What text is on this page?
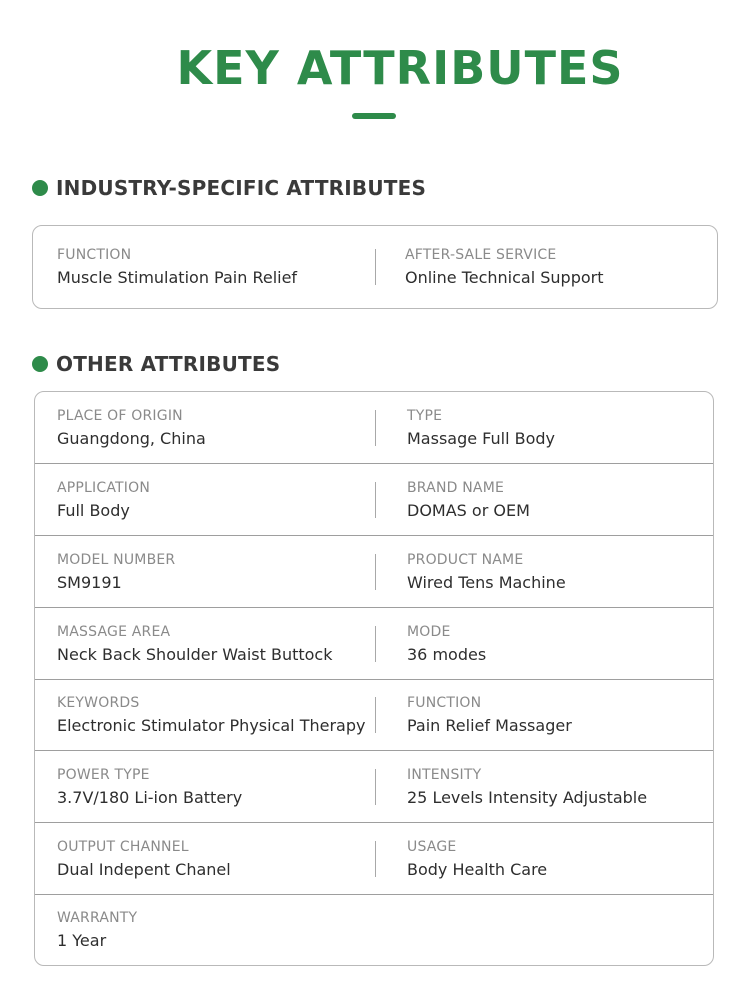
KEY ATTRIBUTES
INDUSTRY-SPECIFIC ATTRIBUTES
FUNCTION
Muscle Stimulation Pain Relief
AFTER-SALE SERVICE
Online Technical Support
OTHER ATTRIBUTES
PLACE OF ORIGIN
Guangdong, China
TYPE
Massage Full Body
APPLICATION
Full Body
BRAND NAME
DOMAS or OEM
MODEL NUMBER
SM9191
PRODUCT NAME
Wired Tens Machine
MASSAGE AREA
Neck Back Shoulder Waist Buttock
MODE
36 modes
KEYWORDS
Electronic Stimulator Physical Therapy
FUNCTION
Pain Relief Massager
POWER TYPE
3.7V/180 Li-ion Battery
INTENSITY
25 Levels Intensity Adjustable
OUTPUT CHANNEL
Dual Indepent Chanel
USAGE
Body Health Care
WARRANTY
1 Year
